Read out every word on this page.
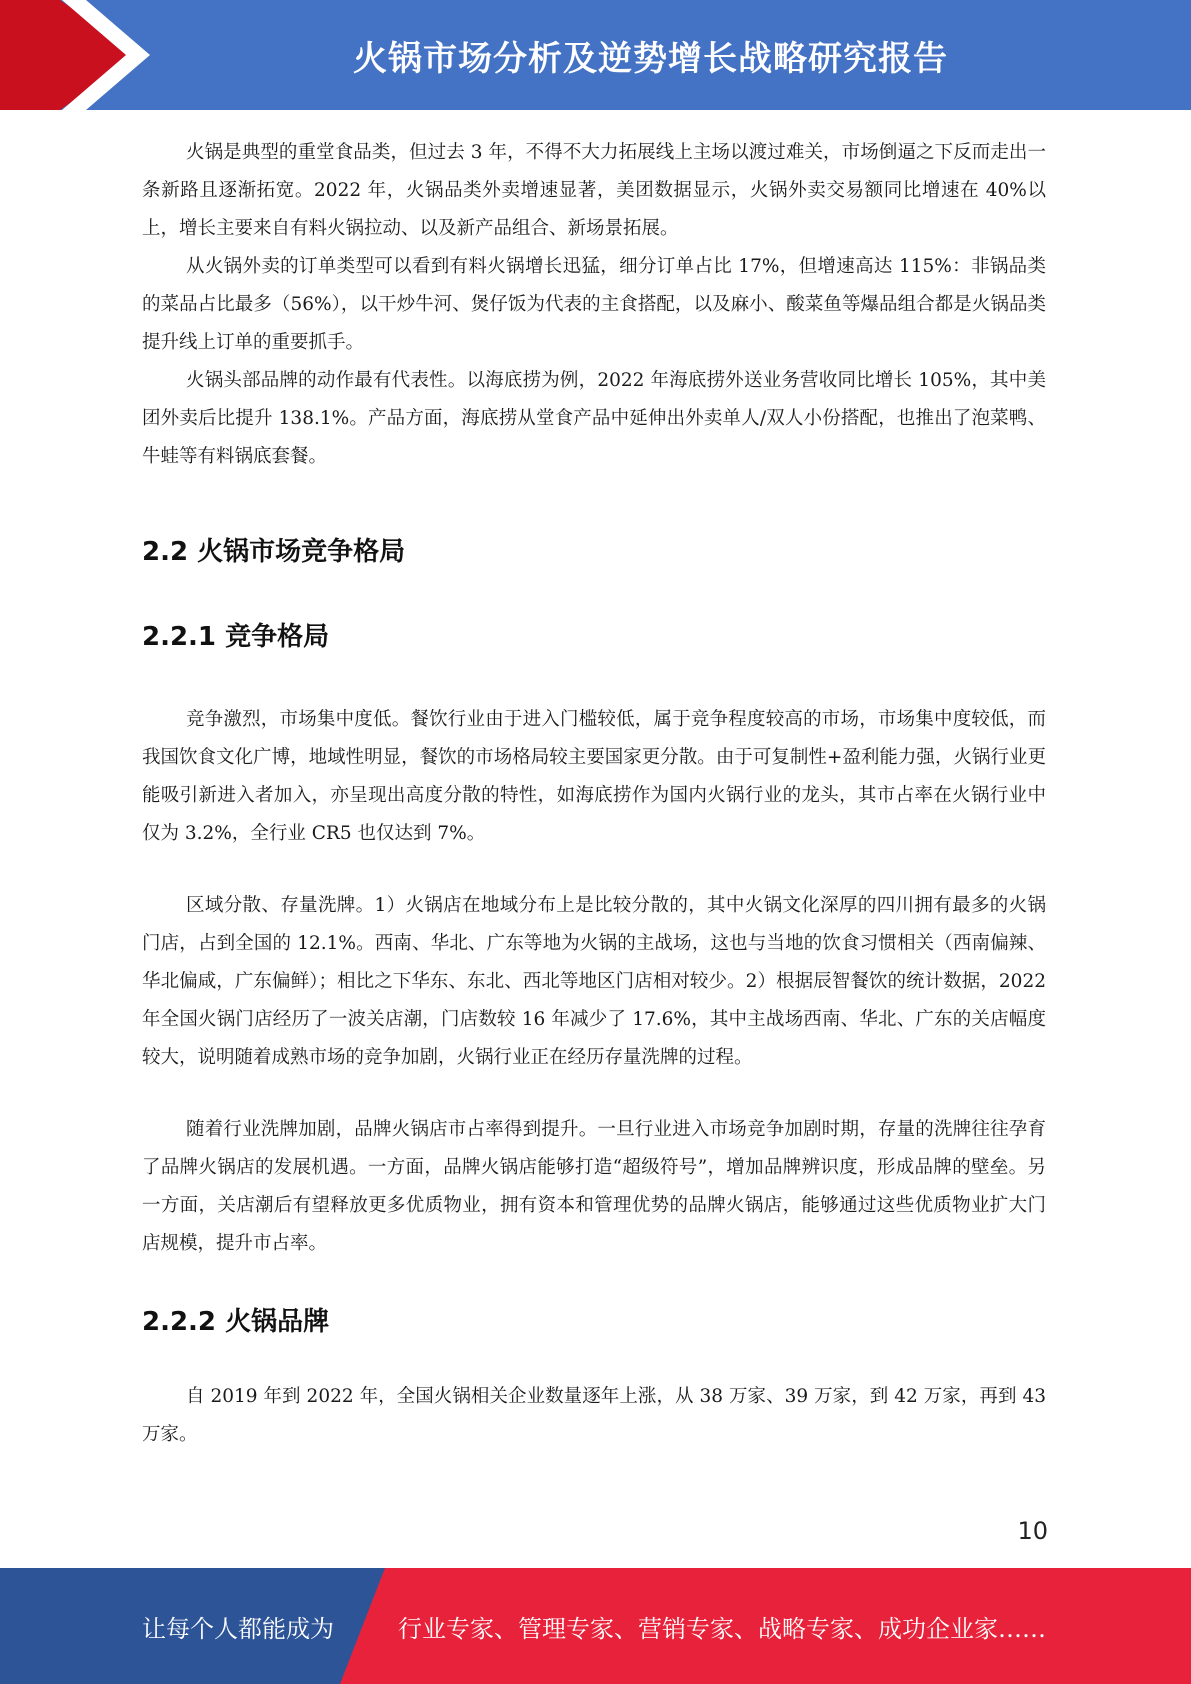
火锅市场分析及逆势增长战略研究报告

火锅是典型的重堂食品类，但过去 3 年，不得不大力拓展线上主场以渡过难关，市场倒逼之下反而走出一条新路且逐渐拓宽。2022 年，火锅品类外卖增速显著，美团数据显示，火锅外卖交易额同比增速在 40%以上，增长主要来自有料火锅拉动、以及新产品组合、新场景拓展。

从火锅外卖的订单类型可以看到有料火锅增长迅猛，细分订单占比 17%，但增速高达 115%：非锅品类的菜品占比最多（56%），以干炒牛河、煲仔饭为代表的主食搭配，以及麻小、酸菜鱼等爆品组合都是火锅品类提升线上订单的重要抓手。

火锅头部品牌的动作最有代表性。以海底捞为例，2022 年海底捞外送业务营收同比增长 105%，其中美团外卖后比提升 138.1%。产品方面，海底捞从堂食产品中延伸出外卖单人/双人小份搭配，也推出了泡菜鸭、牛蛙等有料锅底套餐。

2.2 火锅市场竞争格局
2.2.1 竞争格局

竞争激烈，市场集中度低。餐饮行业由于进入门槛较低，属于竞争程度较高的市场，市场集中度较低，而我国饮食文化广博，地域性明显，餐饮的市场格局较主要国家更分散。由于可复制性+盈利能力强，火锅行业更能吸引新进入者加入，亦呈现出高度分散的特性，如海底捞作为国内火锅行业的龙头，其市占率在火锅行业中仅为 3.2%，全行业 CR5 也仅达到 7%。

区域分散、存量洗牌。1）火锅店在地域分布上是比较分散的，其中火锅文化深厚的四川拥有最多的火锅门店，占到全国的 12.1%。西南、华北、广东等地为火锅的主战场，这也与当地的饮食习惯相关（西南偏辣、华北偏咸，广东偏鲜）；相比之下华东、东北、西北等地区门店相对较少。2）根据辰智餐饮的统计数据，2022 年全国火锅门店经历了一波关店潮，门店数较 16 年减少了 17.6%，其中主战场西南、华北、广东的关店幅度较大，说明随着成熟市场的竞争加剧，火锅行业正在经历存量洗牌的过程。

随着行业洗牌加剧，品牌火锅店市占率得到提升。一旦行业进入市场竞争加剧时期，存量的洗牌往往孕育了品牌火锅店的发展机遇。一方面，品牌火锅店能够打造“超级符号”，增加品牌辨识度，形成品牌的壁垒。另一方面，关店潮后有望释放更多优质物业，拥有资本和管理优势的品牌火锅店，能够通过这些优质物业扩大门店规模，提升市占率。

2.2.2 火锅品牌

自 2019 年到 2022 年，全国火锅相关企业数量逐年上涨，从 38 万家、39 万家，到 42 万家，再到 43 万家。

10
让每个人都能成为	行业专家、管理专家、营销专家、战略专家、成功企业家……
